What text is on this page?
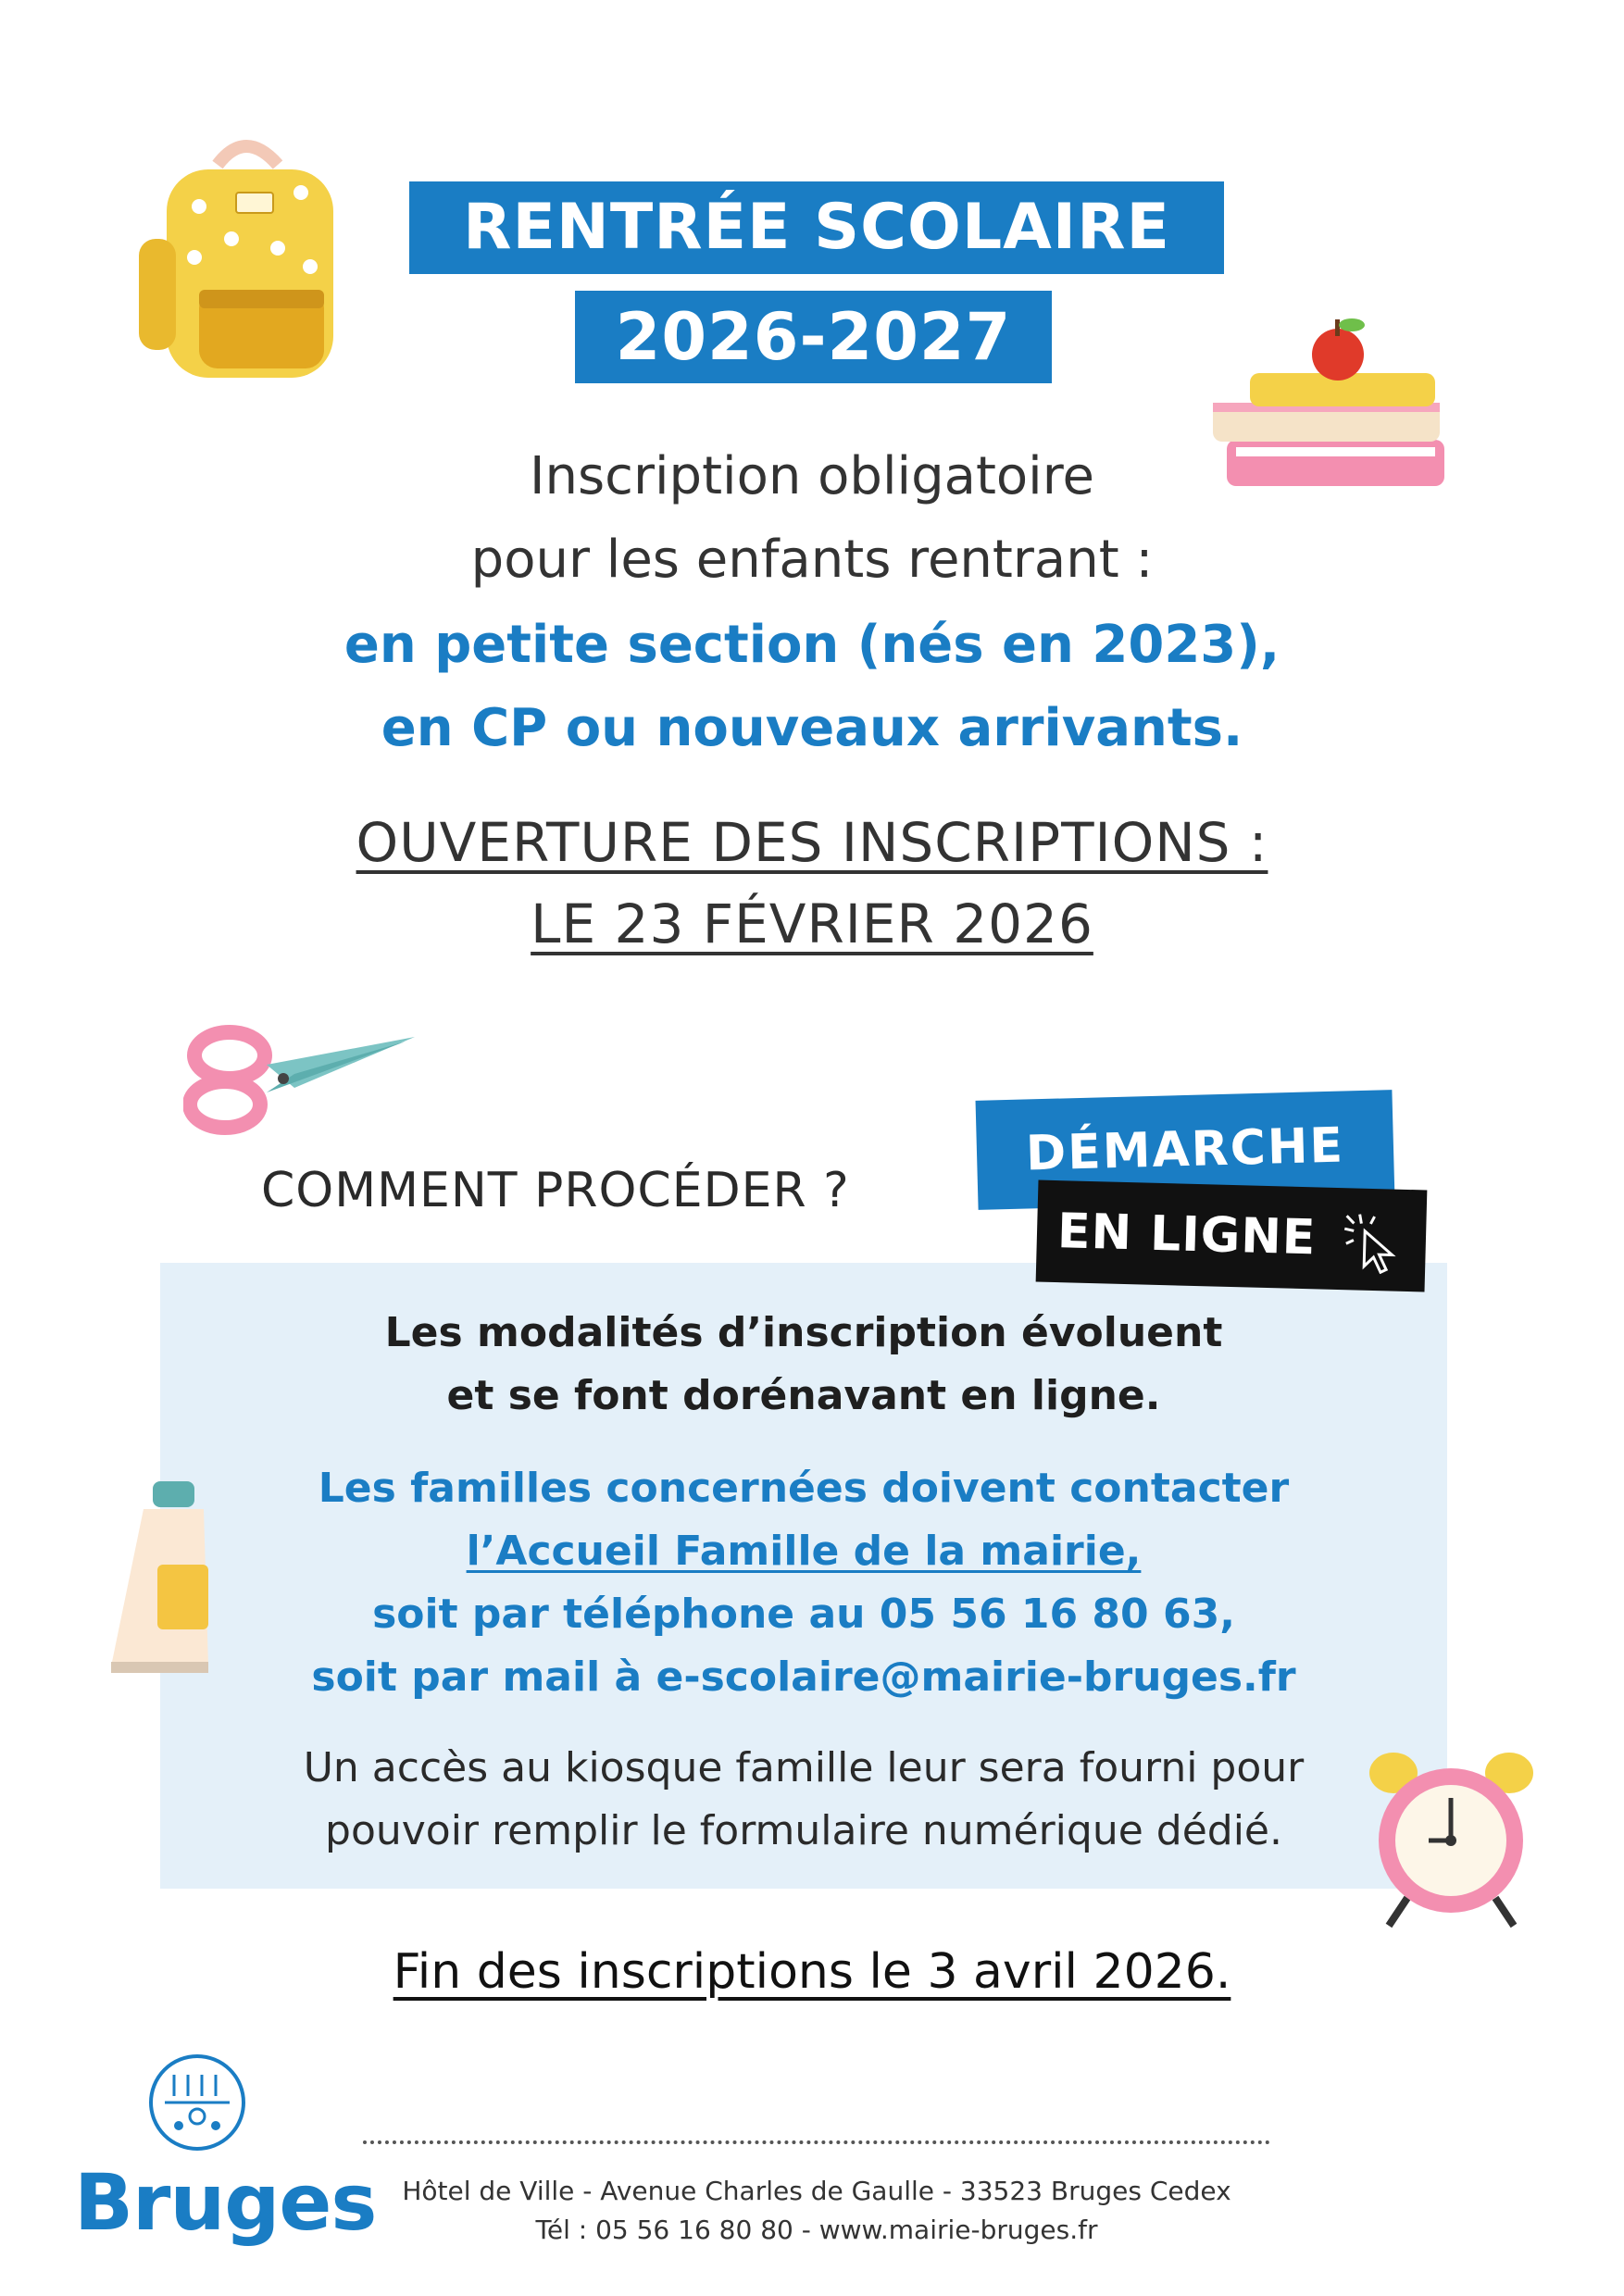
RENTRÉE SCOLAIRE
2026-2027
Inscription obligatoire
pour les enfants rentrant :
en petite section (nés en 2023),
en CP ou nouveaux arrivants.
OUVERTURE DES INSCRIPTIONS :
LE 23 FÉVRIER 2026
COMMENT PROCÉDER ?
DÉMARCHE
EN LIGNE
Les modalités d’inscription évoluent
et se font dorénavant en ligne.
Les familles concernées doivent contacter
l’Accueil Famille de la mairie,
soit par téléphone au 05 56 16 80 63,
soit par mail à e-scolaire@mairie-bruges.fr
Un accès au kiosque famille leur sera fourni pour
pouvoir remplir le formulaire numérique dédié.
Fin des inscriptions le 3 avril 2026.
Bruges Hôtel de Ville - Avenue Charles de Gaulle - 33523 Bruges Cedex
Tél : 05 56 16 80 80 - www.mairie-bruges.fr
